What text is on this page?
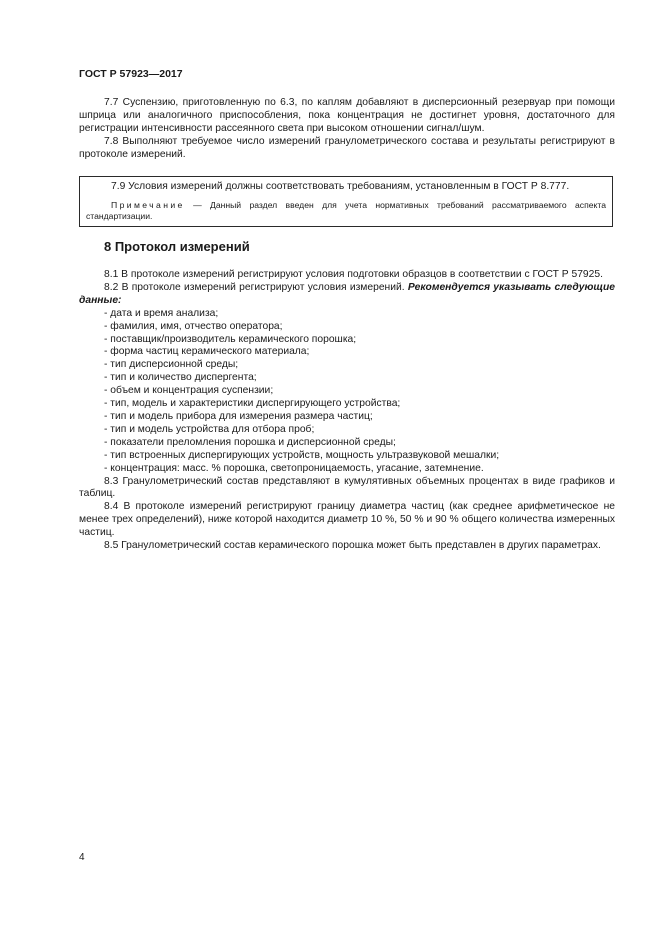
ГОСТ Р 57923—2017

7.7 Суспензию, приготовленную по 6.3, по каплям добавляют в дисперсионный резервуар при помощи шприца или аналогичного приспособления, пока концентрация не достигнет уровня, достаточного для регистрации интенсивности рассеянного света при высоком отношении сигнал/шум.

7.8 Выполняют требуемое число измерений гранулометрического состава и результаты регистрируют в протоколе измерений.

7.9 Условия измерений должны соответствовать требованиям, установленным в ГОСТ Р 8.777.

Примечание — Данный раздел введен для учета нормативных требований рассматриваемого аспекта стандартизации.
8 Протокол измерений

8.1 В протоколе измерений регистрируют условия подготовки образцов в соответствии с ГОСТ Р 57925.

8.2 В протоколе измерений регистрируют условия измерений. Рекомендуется указывать следующие данные:

- дата и время анализа;
- фамилия, имя, отчество оператора;
- поставщик/производитель керамического порошка;
- форма частиц керамического материала;
- тип дисперсионной среды;
- тип и количество диспергента;
- объем и концентрация суспензии;
- тип, модель и характеристики диспергирующего устройства;
- тип и модель прибора для измерения размера частиц;
- тип и модель устройства для отбора проб;
- показатели преломления порошка и дисперсионной среды;
- тип встроенных диспергирующих устройств, мощность ультразвуковой мешалки;
- концентрация: масс. % порошка, светопроницаемость, угасание, затемнение.

8.3 Гранулометрический состав представляют в кумулятивных объемных процентах в виде графиков и таблиц.

8.4 В протоколе измерений регистрируют границу диаметра частиц (как среднее арифметическое не менее трех определений), ниже которой находится диаметр 10 %, 50 % и 90 % общего количества измеренных частиц.

8.5 Гранулометрический состав керамического порошка может быть представлен в других параметрах.

4
